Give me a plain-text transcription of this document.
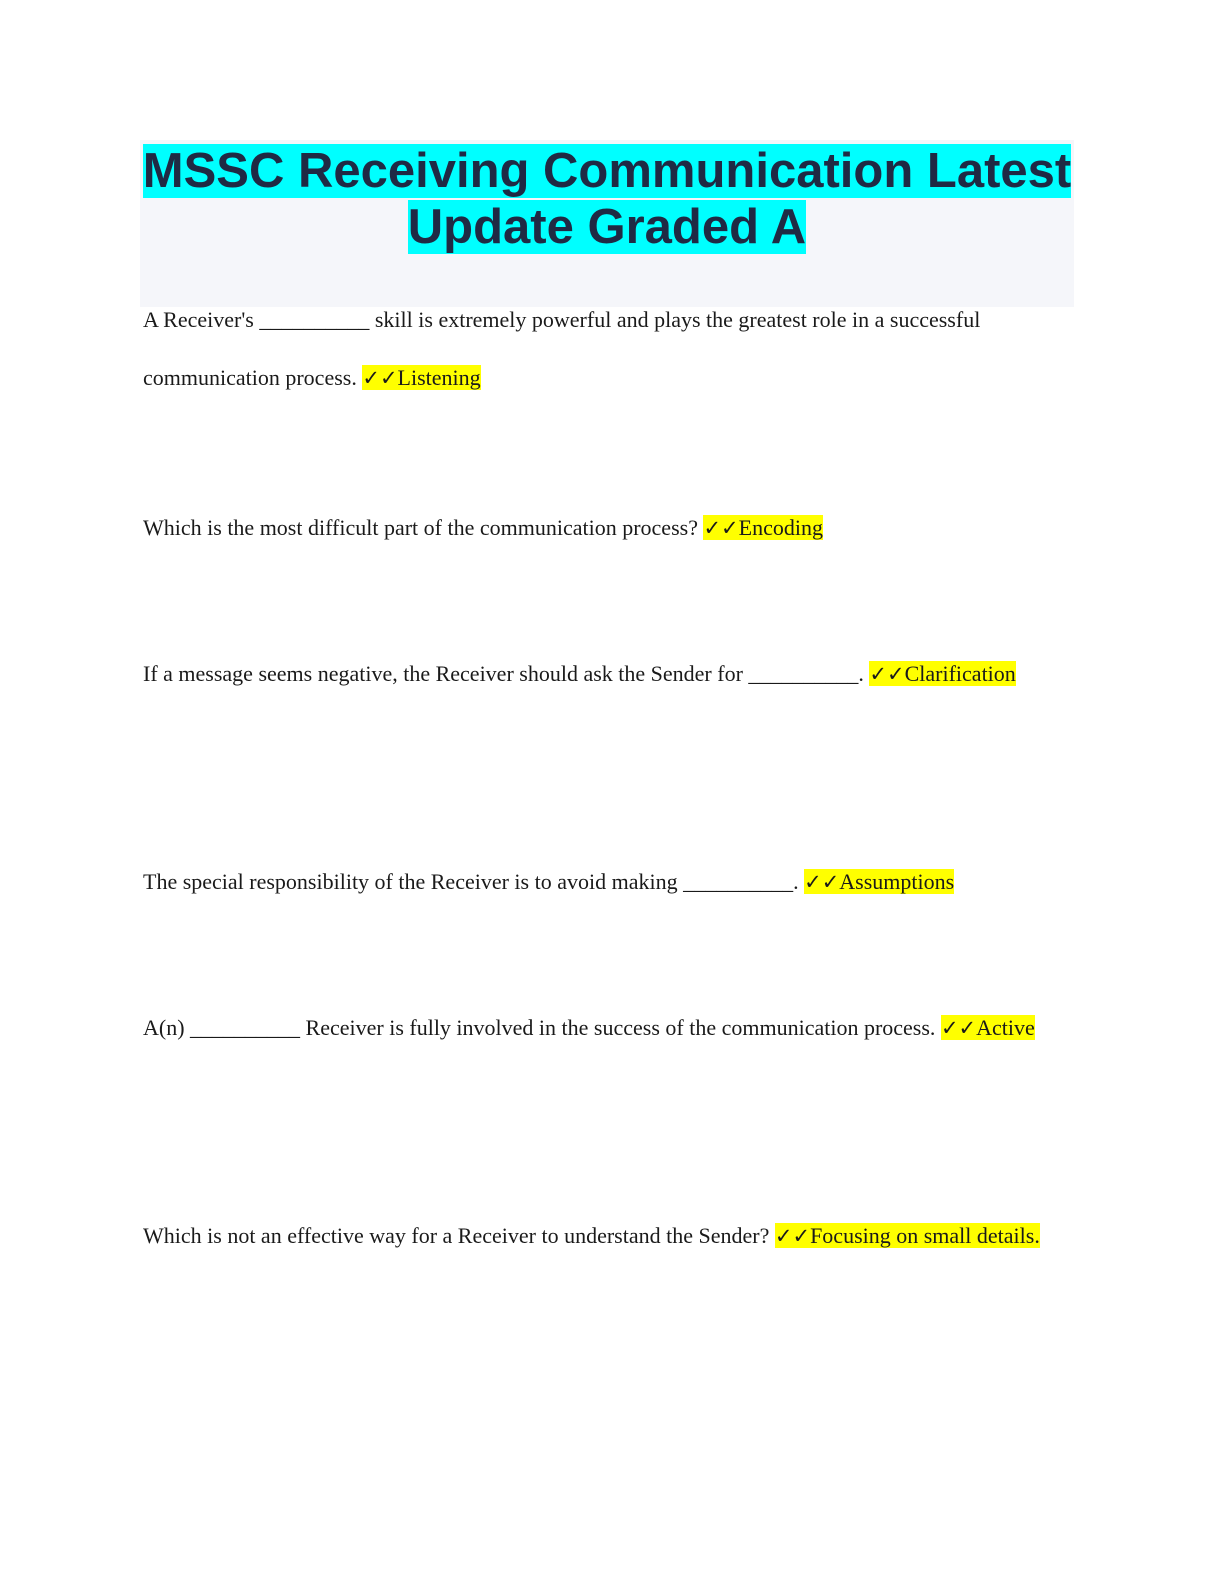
MSSC Receiving Communication Latest Update Graded A

A Receiver's __________ skill is extremely powerful and plays the greatest role in a successful communication process. ✓✓Listening

Which is the most difficult part of the communication process? ✓✓Encoding

If a message seems negative, the Receiver should ask the Sender for __________. ✓✓Clarification

The special responsibility of the Receiver is to avoid making __________. ✓✓Assumptions

A(n) __________ Receiver is fully involved in the success of the communication process. ✓✓Active

Which is not an effective way for a Receiver to understand the Sender? ✓✓Focusing on small details.
